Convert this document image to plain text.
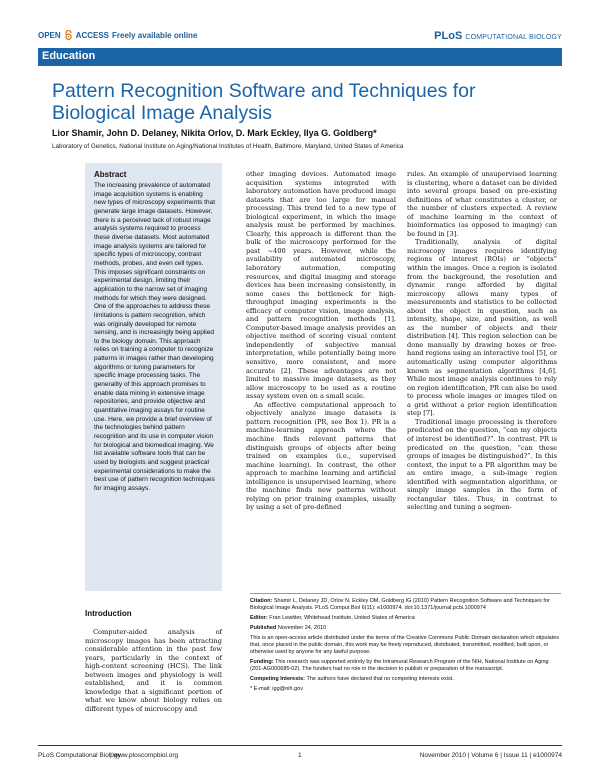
OPEN ACCESS Freely available online	PLoS COMPUTATIONAL BIOLOGY
Education
Pattern Recognition Software and Techniques for Biological Image Analysis
Lior Shamir, John D. Delaney, Nikita Orlov, D. Mark Eckley, Ilya G. Goldberg*
Laboratory of Genetics, National Institute on Aging/National Institutes of Health, Baltimore, Maryland, United States of America
Abstract
The increasing prevalence of automated image acquisition systems is enabling new types of microscopy experiments that generate large image datasets. However, there is a perceived lack of robust image analysis systems required to process these diverse datasets. Most automated image analysis systems are tailored for specific types of microscopy, contrast methods, probes, and even cell types. This imposes significant constraints on experimental design, limiting their application to the narrow set of imaging methods for which they were designed. One of the approaches to address these limitations is pattern recognition, which was originally developed for remote sensing, and is increasingly being applied to the biology domain. This approach relies on training a computer to recognize patterns in images rather than developing algorithms or tuning parameters for specific image processing tasks. The generality of this approach promises to enable data mining in extensive image repositories, and provide objective and quantitative imaging assays for routine use. Here, we provide a brief overview of the technologies behind pattern recognition and its use in computer vision for biological and biomedical imaging. We list available software tools that can be used by biologists and suggest practical experimental considerations to make the best use of pattern recognition techniques for imaging assays.

other imaging devices. Automated image acquisition systems integrated with laboratory automation have produced image datasets that are too large for manual processing. This trend led to a new type of biological experiment, in which the image analysis must be performed by machines. Clearly, this approach is different than the bulk of the microscopy performed for the past ~400 years. However, while the availability of automated microscopy, laboratory automation, computing resources, and digital imaging and storage devices has been increasing consistently, in some cases the bottleneck for high-throughput imaging experiments is the efficacy of computer vision, image analysis, and pattern recognition methods [1]. Computer-based image analysis provides an objective method of scoring visual content independently of subjective manual interpretation, while potentially being more sensitive, more consistent, and more accurate [2]. These advantages are not limited to massive image datasets, as they allow microscopy to be used as a routine assay system even on a small scale.

An effective computational approach to objectively analyze image datasets is pattern recognition (PR, see Box 1). PR is a machine-learning approach where the machine finds relevant patterns that distinguish groups of objects after being trained on examples (i.e., supervised machine learning). In contrast, the other approach to machine learning and artificial intelligence is unsupervised learning, where the machine finds new patterns without relying on prior training examples, usually by using a set of pre-defined

rules. An example of unsupervised learning is clustering, where a dataset can be divided into several groups based on pre-existing definitions of what constitutes a cluster, or the number of clusters expected. A review of machine learning in the context of bioinformatics (as opposed to imaging) can be found in [3].

Traditionally, analysis of digital microscopy images requires identifying regions of interest (ROIs) or “objects” within the images. Once a region is isolated from the background, the resolution and dynamic range afforded by digital microscopy allows many types of measurements and statistics to be collected about the object in question, such as intensity, shape, size, and position, as well as the number of objects and their distribution [4]. This region selection can be done manually by drawing boxes or free-hand regions using an interactive tool [5], or automatically using computer algorithms known as segmentation algorithms [4,6]. While most image analysis continues to rely on region identification, PR can also be used to process whole images or images tiled on a grid without a prior region identification step [7].

Traditional image processing is therefore predicated on the question, “can my objects of interest be identified?”. In contrast, PR is predicated on the question, “can these groups of images be distinguished?”. In this context, the input to a PR algorithm may be an entire image, a sub-image region identified with segmentation algorithms, or simply image samples in the form of rectangular tiles. Thus, in contrast to selecting and tuning a segmen-

Introduction
Computer-aided analysis of microscopy images has been attracting considerable attention in the past few years, particularly in the context of high-content screening (HCS). The link between images and physiology is well established, and it is common knowledge that a significant portion of what we know about biology relies on different types of microscopy and

Citation: Shamir L, Delaney JD, Orlov N, Eckley DM, Goldberg IG (2010) Pattern Recognition Software and Techniques for Biological Image Analysis. PLoS Comput Biol 6(11): e1000974. doi:10.1371/journal.pcbi.1000974

Editor: Fran Lewitter, Whitehead Institute, United States of America

Published November 24, 2010

This is an open-access article distributed under the terms of the Creative Commons Public Domain declaration which stipulates that, once placed in the public domain, this work may be freely reproduced, distributed, transmitted, modified, built upon, or otherwise used by anyone for any lawful purpose.

Funding: This research was supported entirely by the Intramural Research Program of the NIH, National Institute on Aging (Z01-AG000685-02). The funders had no role in the decision to publish or preparation of the manuscript.

Competing Interests: The authors have declared that no competing interests exist.

* E-mail: igg@nih.gov

PLoS Computational Biology
| www.ploscompbiol.org	1	November 2010 | Volume 6 | Issue 11 | e1000974
